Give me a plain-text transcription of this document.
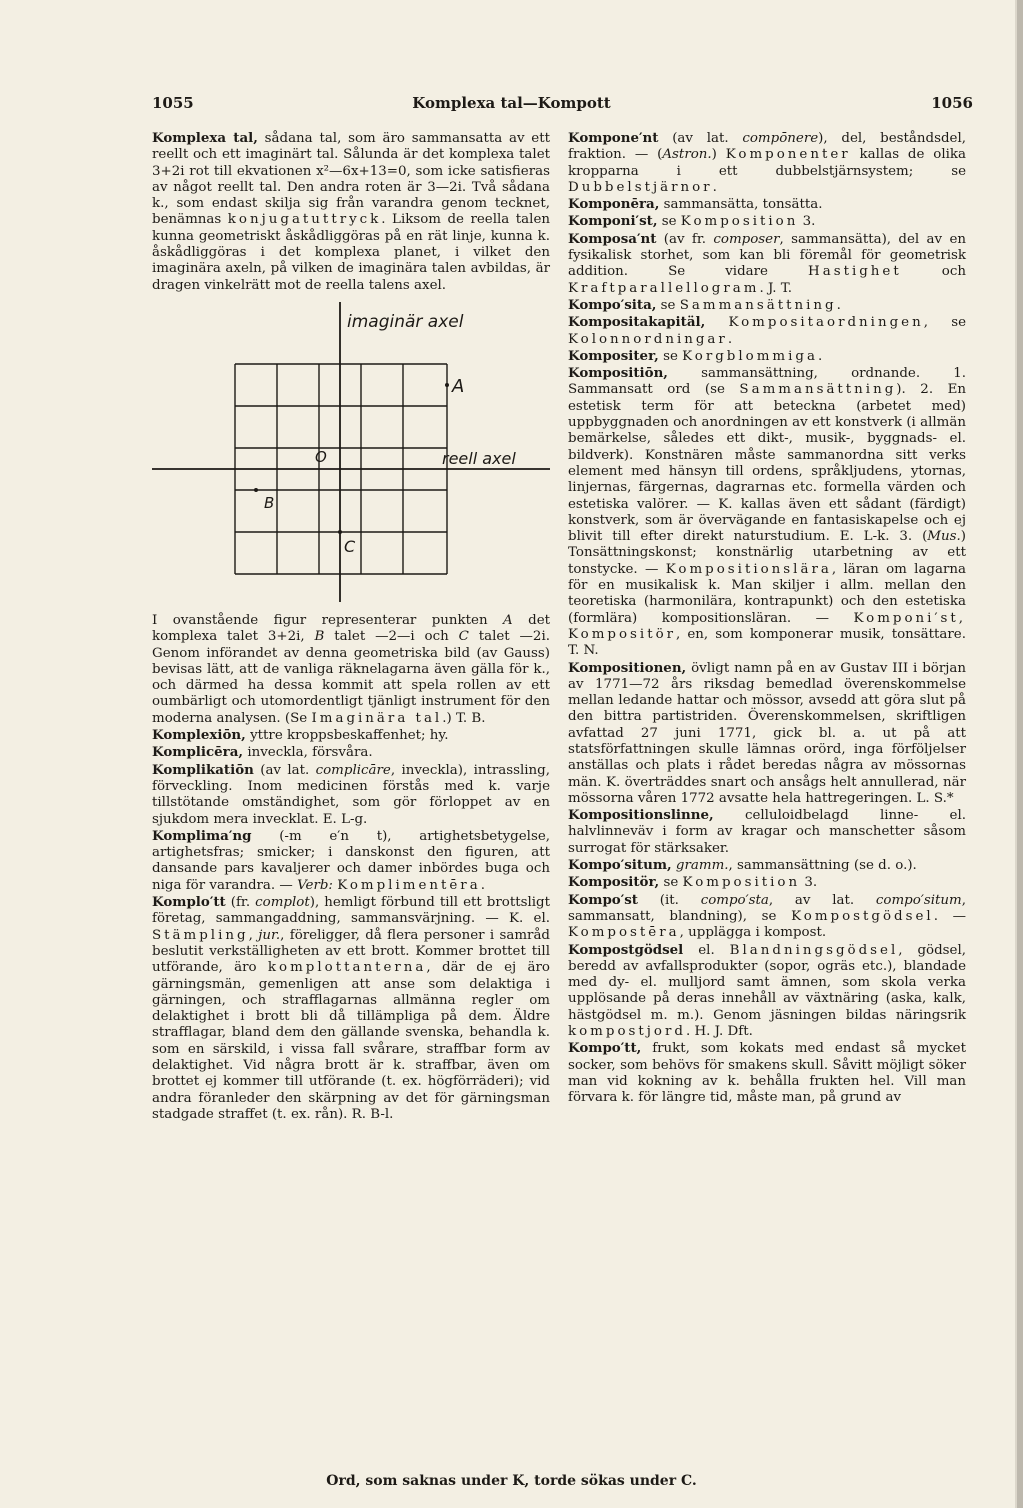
1055	Komplexa tal—Kompott	1056

Komplexa tal, sådana tal, som äro sammansatta av ett reellt och ett imaginärt tal. Sålunda är det komplexa talet 3+2i rot till ekvationen x²—6x+13=0, som icke satisfieras av något reellt tal. Den andra roten är 3—2i. Två sådana k., som endast skilja sig från varandra genom tecknet, benämnas konjugatuttryck. Liksom de reella talen kunna geometriskt åskådliggöras på en rät linje, kunna k. åskådliggöras i det komplexa planet, i vilket den imaginära axeln, på vilken de imaginära talen avbildas, är dragen vinkelrätt mot de reella talens axel.

imaginär axel
A
O	reell axel
B
C

I ovanstående figur representerar punkten A det komplexa talet 3+2i, B talet —2—i och C talet —2i. Genom införandet av denna geometriska bild (av Gauss) bevisas lätt, att de vanliga räknelagarna även gälla för k., och därmed ha dessa kommit att spela rollen av ett oumbärligt och utomordentligt tjänligt instrument för den moderna analysen. (Se Imaginära tal.) T. B.

Komplexiōn, yttre kroppsbeskaffenhet; hy.

Komplicēra, inveckla, försvåra.

Komplikatiōn (av lat. complicāre, inveckla), intrassling, förveckling. Inom medicinen förstås med k. varje tillstötande omständighet, som gör förloppet av en sjukdom mera invecklat. E. L-g.

Komplima′ng (-m e′n t), artighetsbetygelse, artighetsfras; smicker; i danskonst den figuren, att dansande pars kavaljerer och damer inbördes buga och niga för varandra. — Verb: Komplimentēra.

Komplo′tt (fr. complot), hemligt förbund till ett brottsligt företag, sammangaddning, sammansvärjning. — K. el. Stämpling, jur., föreligger, då flera personer i samråd beslutit verkställigheten av ett brott. Kommer brottet till utförande, äro komplottanterna, där de ej äro gärningsmän, gemenligen att anse som delaktiga i gärningen, och strafflagarnas allmänna regler om delaktighet i brott bli då tillämpliga på dem. Äldre strafflagar, bland dem den gällande svenska, behandla k. som en särskild, i vissa fall svårare, straffbar form av delaktighet. Vid några brott är k. straffbar, även om brottet ej kommer till utförande (t. ex. högförräderi); vid andra föranleder den skärpning av det för gärningsman stadgade straffet (t. ex. rån). R. B-l.

Kompone′nt (av lat. compōnere), del, beståndsdel, fraktion. — (Astron.) Komponenter kallas de olika kropparna i ett dubbelstjärnsystem; se Dubbelstjärnor.

Komponēra, sammansätta, tonsätta.

Komponi′st, se Komposition 3.

Komposa′nt (av fr. composer, sammansätta), del av en fysikalisk storhet, som kan bli föremål för geometrisk addition. Se vidare Hastighet och Kraftparallellogram. J. T.

Kompo′sita, se Sammansättning.

Kompositakapitäl, Kompositaordningen, se Kolonnordningar.

Kompositer, se Korgblommiga.

Kompositiōn, sammansättning, ordnande. 1. Sammansatt ord (se Sammansättning). 2. En estetisk term för att beteckna (arbetet med) uppbyggnaden och anordningen av ett konstverk (i allmän bemärkelse, således ett dikt-, musik-, byggnads- el. bildverk). Konstnären måste sammanordna sitt verks element med hänsyn till ordens, språkljudens, ytornas, linjernas, färgernas, dagrarnas etc. formella värden och estetiska valörer. — K. kallas även ett sådant (färdigt) konstverk, som är övervägande en fantasiskapelse och ej blivit till efter direkt naturstudium. E. L-k. 3. (Mus.) Tonsättningskonst; konstnärlig utarbetning av ett tonstycke. — Kompositionslära, läran om lagarna för en musikalisk k. Man skiljer i allm. mellan den teoretiska (harmonilära, kontrapunkt) och den estetiska (formlära) kompositionsläran. — Komponi′st, Kompositör, en, som komponerar musik, tonsättare. T. N.

Kompositionen, övligt namn på en av Gustav III i början av 1771—72 års riksdag bemedlad överenskommelse mellan ledande hattar och mössor, avsedd att göra slut på den bittra partistriden. Överenskommelsen, skriftligen avfattad 27 juni 1771, gick bl. a. ut på att statsförfattningen skulle lämnas orörd, inga förföljelser anställas och plats i rådet beredas några av mössornas män. K. överträddes snart och ansågs helt annullerad, när mössorna våren 1772 avsatte hela hattregeringen. L. S.*

Kompositionslinne, celluloidbelagd linne- el. halvlinneväv i form av kragar och manschetter såsom surrogat för stärksaker.

Kompo′situm, gramm., sammansättning (se d. o.).

Kompositör, se Komposition 3.

Kompo′st (it. compo′sta, av lat. compo′situm, sammansatt, blandning), se Kompostgödsel. — Kompostēra, upplägga i kompost.

Kompostgödsel el. Blandningsgödsel, gödsel, beredd av avfallsprodukter (sopor, ogräs etc.), blandade med dy- el. mulljord samt ämnen, som skola verka upplösande på deras innehåll av växtnäring (aska, kalk, hästgödsel m. m.). Genom jäsningen bildas näringsrik kompostjord. H. J. Dft.

Kompo′tt, frukt, som kokats med endast så mycket socker, som behövs för smakens skull. Såvitt möjligt söker man vid kokning av k. behålla frukten hel. Vill man förvara k. för längre tid, måste man, på grund av

Ord, som saknas under K, torde sökas under C.
